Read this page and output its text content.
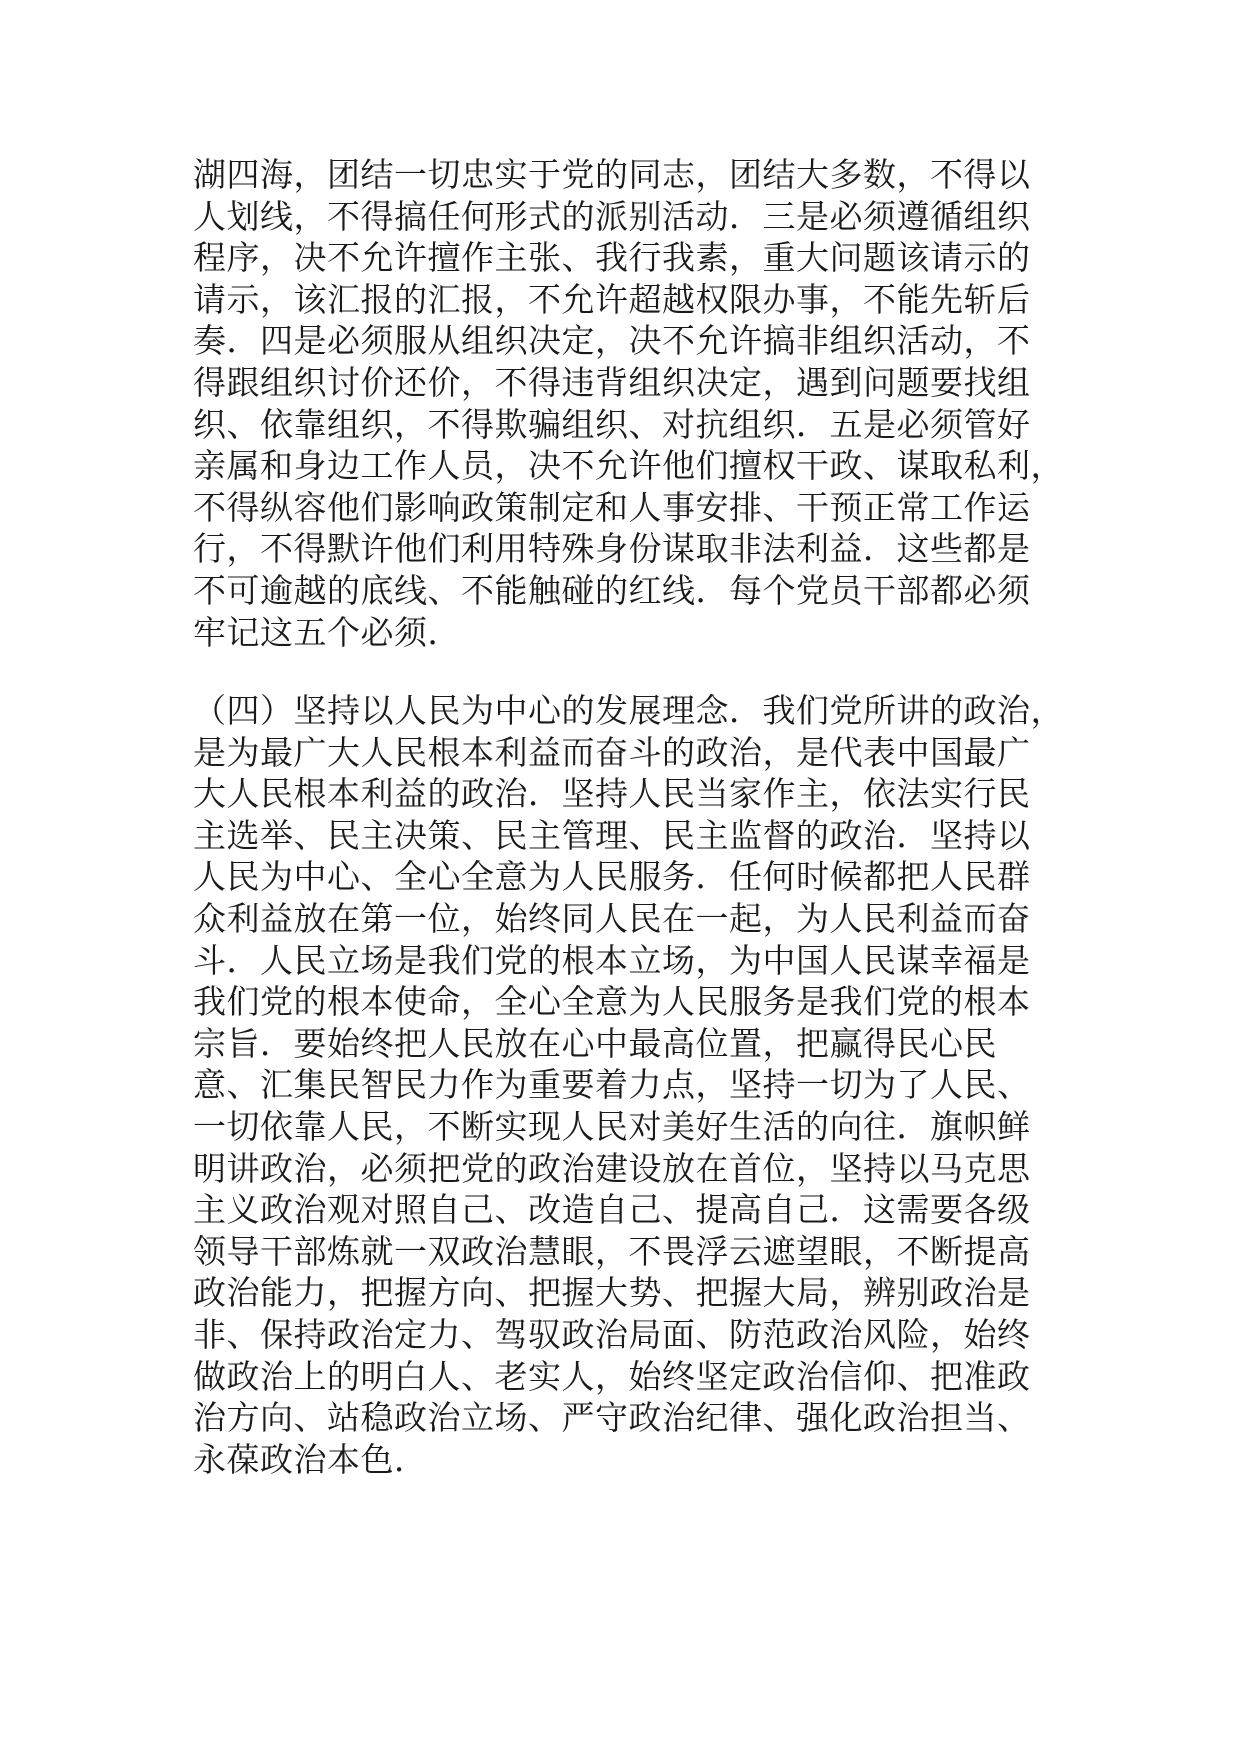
湖四海，团结一切忠实于党的同志，团结大多数，不得以
人划线，不得搞任何形式的派别活动．三是必须遵循组织
程序，决不允许擅作主张、我行我素，重大问题该请示的
请示，该汇报的汇报，不允许超越权限办事，不能先斩后
奏．四是必须服从组织决定，决不允许搞非组织活动，不
得跟组织讨价还价，不得违背组织决定，遇到问题要找组
织、依靠组织，不得欺骗组织、对抗组织．五是必须管好
亲属和身边工作人员，决不允许他们擅权干政、谋取私利，
不得纵容他们影响政策制定和人事安排、干预正常工作运
行，不得默许他们利用特殊身份谋取非法利益．这些都是
不可逾越的底线、不能触碰的红线．每个党员干部都必须
牢记这五个必须．
（四）坚持以人民为中心的发展理念．我们党所讲的政治，
是为最广大人民根本利益而奋斗的政治，是代表中国最广
大人民根本利益的政治．坚持人民当家作主，依法实行民
主选举、民主决策、民主管理、民主监督的政治．坚持以
人民为中心、全心全意为人民服务．任何时候都把人民群
众利益放在第一位，始终同人民在一起，为人民利益而奋
斗．人民立场是我们党的根本立场，为中国人民谋幸福是
我们党的根本使命，全心全意为人民服务是我们党的根本
宗旨．要始终把人民放在心中最高位置，把赢得民心民
意、汇集民智民力作为重要着力点，坚持一切为了人民、
一切依靠人民，不断实现人民对美好生活的向往．旗帜鲜
明讲政治，必须把党的政治建设放在首位，坚持以马克思
主义政治观对照自己、改造自己、提高自己．这需要各级
领导干部炼就一双政治慧眼，不畏浮云遮望眼，不断提高
政治能力，把握方向、把握大势、把握大局，辨别政治是
非、保持政治定力、驾驭政治局面、防范政治风险，始终
做政治上的明白人、老实人，始终坚定政治信仰、把准政
治方向、站稳政治立场、严守政治纪律、强化政治担当、
永葆政治本色．
